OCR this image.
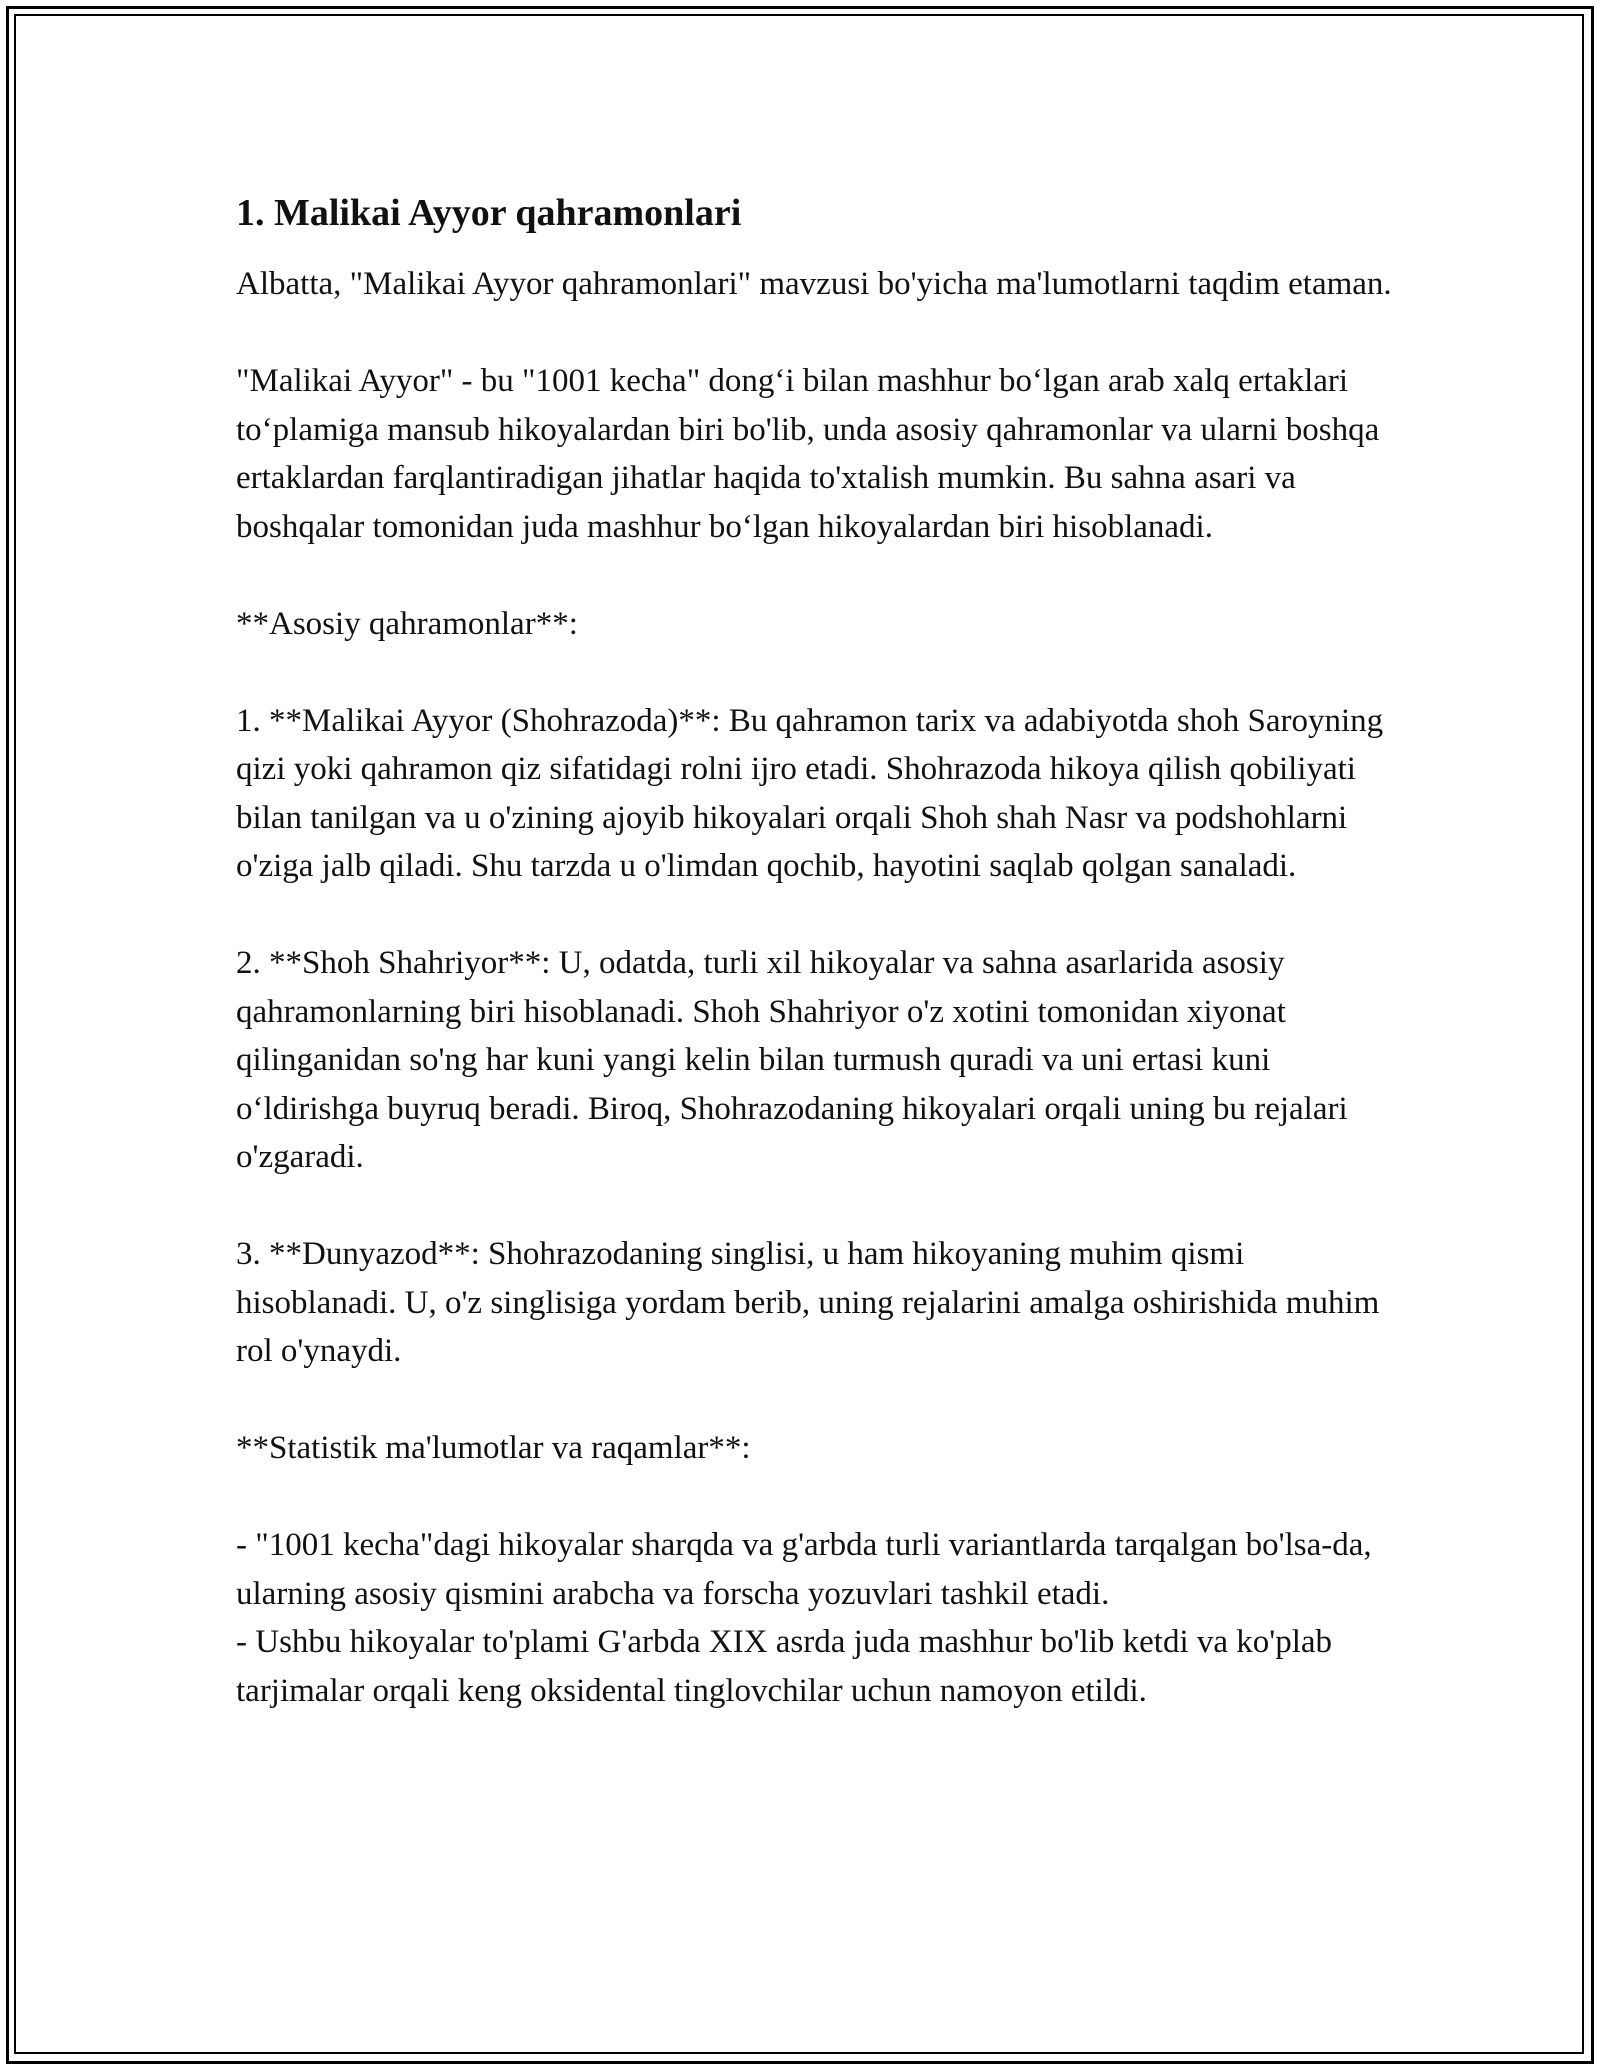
1. Malikai Ayyor qahramonlari

Albatta, "Malikai Ayyor qahramonlari" mavzusi bo'yicha ma'lumotlarni taqdim etaman.

"Malikai Ayyor" - bu "1001 kecha" dong‘i bilan mashhur bo‘lgan arab xalq ertaklari to‘plamiga mansub hikoyalardan biri bo'lib, unda asosiy qahramonlar va ularni boshqa ertaklardan farqlantiradigan jihatlar haqida to'xtalish mumkin. Bu sahna asari va boshqalar tomonidan juda mashhur bo‘lgan hikoyalardan biri hisoblanadi.

**Asosiy qahramonlar**:

1. **Malikai Ayyor (Shohrazoda)**: Bu qahramon tarix va adabiyotda shoh Saroyning qizi yoki qahramon qiz sifatidagi rolni ijro etadi. Shohrazoda hikoya qilish qobiliyati bilan tanilgan va u o'zining ajoyib hikoyalari orqali Shoh shah Nasr va podshohlarni o'ziga jalb qiladi. Shu tarzda u o'limdan qochib, hayotini saqlab qolgan sanaladi.

2. **Shoh Shahriyor**: U, odatda, turli xil hikoyalar va sahna asarlarida asosiy qahramonlarning biri hisoblanadi. Shoh Shahriyor o'z xotini tomonidan xiyonat qilinganidan so'ng har kuni yangi kelin bilan turmush quradi va uni ertasi kuni o‘ldirishga buyruq beradi. Biroq, Shohrazodaning hikoyalari orqali uning bu rejalari o'zgaradi.

3. **Dunyazod**: Shohrazodaning singlisi, u ham hikoyaning muhim qismi hisoblanadi. U, o'z singlisiga yordam berib, uning rejalarini amalga oshirishida muhim rol o'ynaydi.

**Statistik ma'lumotlar va raqamlar**:

- "1001 kecha"dagi hikoyalar sharqda va g'arbda turli variantlarda tarqalgan bo'lsa-da, ularning asosiy qismini arabcha va forscha yozuvlari tashkil etadi.

- Ushbu hikoyalar to'plami G'arbda XIX asrda juda mashhur bo'lib ketdi va ko'plab tarjimalar orqali keng oksidental tinglovchilar uchun namoyon etildi.
